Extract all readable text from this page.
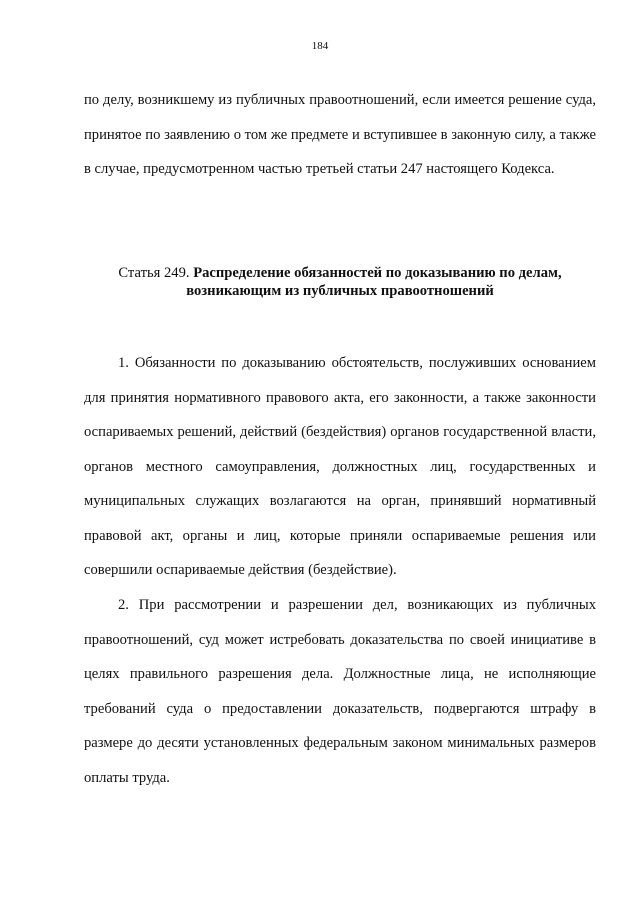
184
по делу, возникшему из публичных правоотношений, если имеется решение суда, принятое по заявлению о том же предмете и вступившее в законную силу, а также в случае, предусмотренном частью третьей статьи 247 настоящего Кодекса.
Статья 249. Распределение обязанностей по доказыванию по делам,
возникающим из публичных правоотношений
1. Обязанности по доказыванию обстоятельств, послуживших основанием для принятия нормативного правового акта, его законности, а также законности оспариваемых решений, действий (бездействия) органов государственной власти, органов местного самоуправления, должностных лиц, государственных и муниципальных служащих возлагаются на орган, принявший нормативный правовой акт, органы и лиц, которые приняли оспариваемые решения или совершили оспариваемые действия (бездействие).
2. При рассмотрении и разрешении дел, возникающих из публичных правоотношений, суд может истребовать доказательства по своей инициативе в целях правильного разрешения дела. Должностные лица, не исполняющие требований суда о предоставлении доказательств, подвергаются штрафу в размере до десяти установленных федеральным законом минимальных размеров оплаты труда.
